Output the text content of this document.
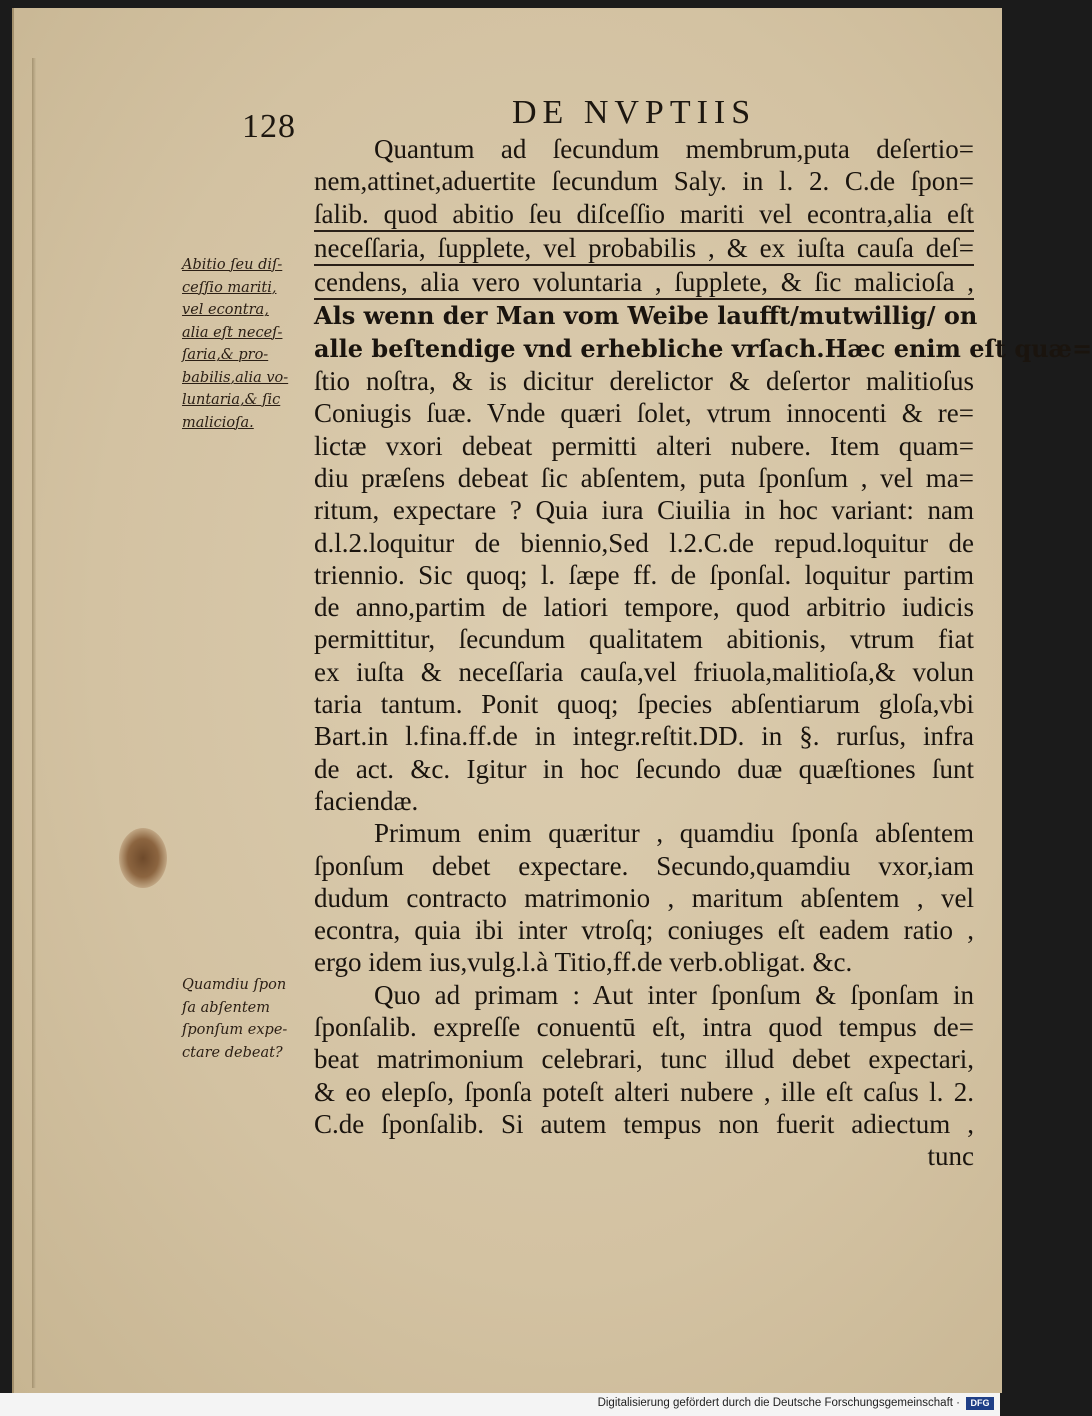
128	DE NVPTIIS
Quantum ad ſecundum membrum,puta deſertio=
nem,attinet,aduertite ſecundum Saly. in l. 2. C.de ſpon=
ſalib. quod abitio ſeu diſceſſio mariti vel econtra,alia eſt
neceſſaria, ſupplete, vel probabilis , & ex iuſta cauſa deſ=
cendens, alia vero voluntaria , ſupplete, & ſic malicioſa ,
Als wenn der Man vom Weibe laufft/mutwillig/ on
alle beſtendige vnd erhebliche vrſach.Hæc enim eſt quæ=
ſtio noſtra, & is dicitur derelictor & deſertor malitioſus
Coniugis ſuæ. Vnde quæri ſolet, vtrum innocenti & re=
lictæ vxori debeat permitti alteri nubere. Item quam=
diu præſens debeat ſic abſentem, puta ſponſum , vel ma=
ritum, expectare ? Quia iura Ciuilia in hoc variant: nam
d.l.2.loquitur de biennio,Sed l.2.C.de repud.loquitur de
triennio. Sic quoq; l. ſæpe ff. de ſponſal. loquitur partim
de anno,partim de latiori tempore, quod arbitrio iudicis
permittitur, ſecundum qualitatem abitionis, vtrum fiat
ex iuſta & neceſſaria cauſa,vel friuola,malitioſa,& volun
taria tantum. Ponit quoq; ſpecies abſentiarum gloſa,vbi
Bart.in l.fina.ff.de in integr.reſtit.DD. in §. rurſus, infra
de act. &c. Igitur in hoc ſecundo duæ quæſtiones ſunt
faciendæ.
Primum enim quæritur , quamdiu ſponſa abſentem
ſponſum debet expectare. Secundo,quamdiu vxor,iam
dudum contracto matrimonio , maritum abſentem , vel
econtra, quia ibi inter vtroſq; coniuges eſt eadem ratio ,
ergo idem ius,vulg.l.à Titio,ff.de verb.obligat. &c.
Quo ad primam : Aut inter ſponſum & ſponſam in
ſponſalib. expreſſe conuentū eſt, intra quod tempus de=
beat matrimonium celebrari, tunc illud debet expectari,
& eo elepſo, ſponſa poteſt alteri nubere , ille eſt caſus l. 2.
C.de ſponſalib. Si autem tempus non fuerit adiectum ,
tunc
Abitio ſeu diſ-
ceſſio mariti,
vel econtra,
alia eſt neceſ-
ſaria,& pro-
babilis,alia vo-
luntaria,& ſic
malicioſa.
Quamdiu ſpon
ſa abſentem
ſponſum expe-
ctare debeat?
Digitalisierung gefördert durch die Deutsche Forschungsgemeinschaft ·	DFG
